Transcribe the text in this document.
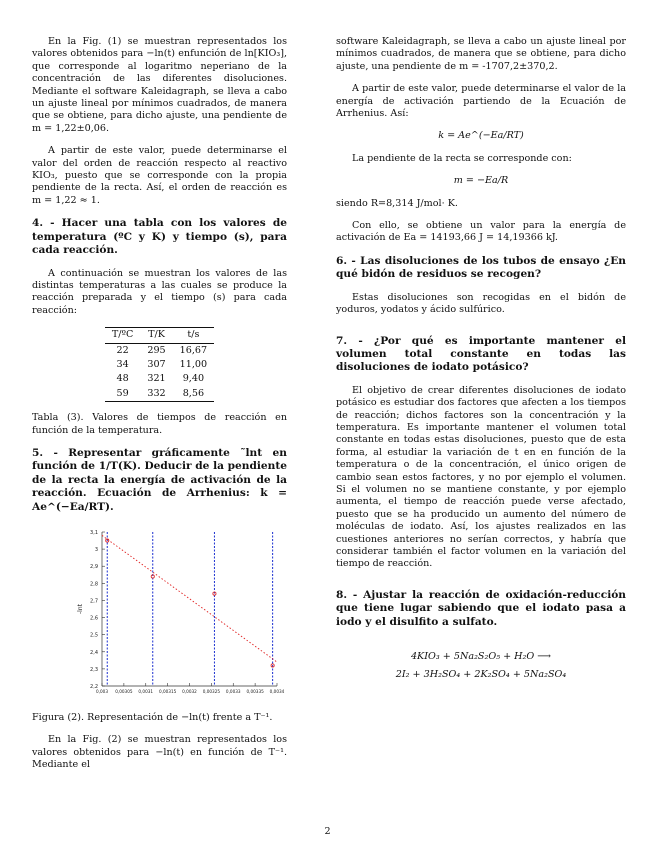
En la Fig. (1) se muestran representados los valores obtenidos para −ln(t) enfunción de ln[KIO₃], que corresponde al logaritmo neperiano de la concentración de las diferentes disoluciones. Mediante el software Kaleidagraph, se lleva a cabo un ajuste lineal por mínimos cuadrados, de manera que se obtiene, para dicho ajuste, una pendiente de m = 1,22±0,06.

A partir de este valor, puede determinarse el valor del orden de reacción respecto al reactivo KIO₃, puesto que se corresponde con la propia pendiente de la recta. Así, el orden de reacción es m = 1,22 ≈ 1.

4. - Hacer una tabla con los valores de temperatura (ºC y K) y tiempo (s), para cada reacción.

A continuación se muestran los valores de las distintas temperaturas a las cuales se produce la reacción preparada y el tiempo (s) para cada reacción:

T/ºC	T/K	t/s
22	295	16,67
34	307	11,00
48	321	9,40
59	332	8,56

Tabla (3). Valores de tiempos de reacción en función de la temperatura.

5. - Representar gráficamente ˜lnt en función de 1/T(K). Deducir de la pendiente de la recta la energía de activación de la reacción. Ecuación de Arrhenius: k = Ae^(−Ea/RT).
3,1
3
2,9
2,8
2,7
2,6
2,5
2,4
2,3
2,2
0,003 0,00305 0,0031 0,00315 0,0032 0,00325 0,0033 0,00335 0,0034
-lnt

Figura (2). Representación de −ln(t) frente a T⁻¹.

En la Fig. (2) se muestran representados los valores obtenidos para −ln(t) en función de T⁻¹. Mediante el

software Kaleidagraph, se lleva a cabo un ajuste lineal por mínimos cuadrados, de manera que se obtiene, para dicho ajuste, una pendiente de m = -1707,2±370,2.

A partir de este valor, puede determinarse el valor de la energía de activación partiendo de la Ecuación de Arrhenius. Así:

k = Ae^(−Ea/RT)

La pendiente de la recta se corresponde con:

m = −Ea/R

siendo R=8,314 J/mol· K.

Con ello, se obtiene un valor para la energía de activación de Ea = 14193,66 J = 14,19366 kJ.

6. - Las disoluciones de los tubos de ensayo ¿En qué bidón de residuos se recogen?

Estas disoluciones son recogidas en el bidón de yoduros, yodatos y ácido sulfúrico.

7. - ¿Por qué es importante mantener el volumen total constante en todas las disoluciones de iodato potásico?

El objetivo de crear diferentes disoluciones de iodato potásico es estudiar dos factores que afecten a los tiempos de reacción; dichos factores son la concentración y la temperatura. Es importante mantener el volumen total constante en todas estas disoluciones, puesto que de esta forma, al estudiar la variación de t en en función de la temperatura o de la concentración, el único origen de cambio sean estos factores, y no por ejemplo el volumen. Si el volumen no se mantiene constante, y por ejemplo aumenta, el tiempo de reacción puede verse afectado, puesto que se ha producido un aumento del número de moléculas de iodato. Así, los ajustes realizados en las cuestiones anteriores no serían correctos, y habría que considerar también el factor volumen en la variación del tiempo de reacción.

8. - Ajustar la reacción de oxidación-reducción que tiene lugar sabiendo que el iodato pasa a iodo y el disulfito a sulfato.

4KIO₃ + 5Na₂S₂O₅ + H₂O ⟶

2I₂ + 3H₂SO₄ + 2K₂SO₄ + 5Na₂SO₄

2
